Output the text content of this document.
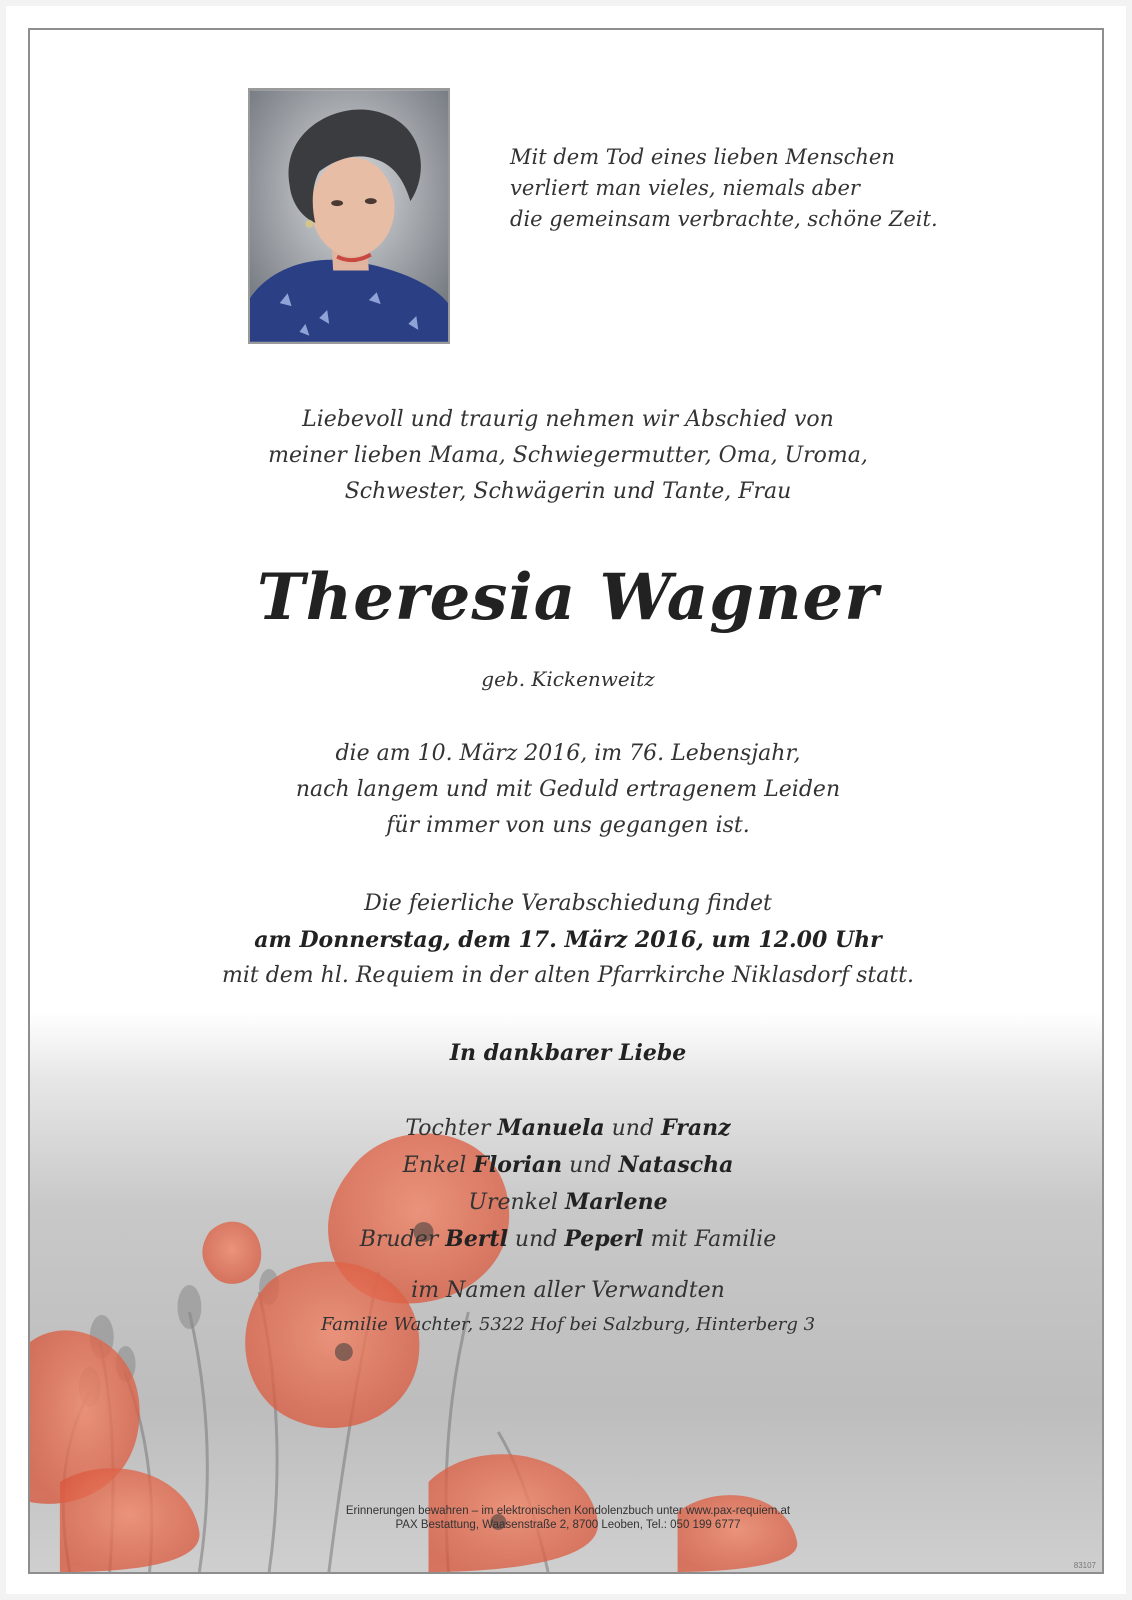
Mit dem Tod eines lieben Menschen
verliert man vieles, niemals aber
die gemeinsam verbrachte, schöne Zeit.
Liebevoll und traurig nehmen wir Abschied von
meiner lieben Mama, Schwiegermutter, Oma, Uroma,
Schwester, Schwägerin und Tante, Frau
Theresia Wagner
geb. Kickenweitz
die am 10. März 2016, im 76. Lebensjahr,
nach langem und mit Geduld ertragenem Leiden
für immer von uns gegangen ist.
Die feierliche Verabschiedung findet
am Donnerstag, dem 17. März 2016, um 12.00 Uhr
mit dem hl. Requiem in der alten Pfarrkirche Niklasdorf statt.
In dankbarer Liebe
Tochter Manuela und Franz
Enkel Florian und Natascha
Urenkel Marlene
Bruder Bertl und Peperl mit Familie
im Namen aller Verwandten
Familie Wachter, 5322 Hof bei Salzburg, Hinterberg 3
Erinnerungen bewahren – im elektronischen Kondolenzbuch unter www.pax-requiem.at
PAX Bestattung, Waasenstraße 2, 8700 Leoben, Tel.: 050 199 6777
83107
